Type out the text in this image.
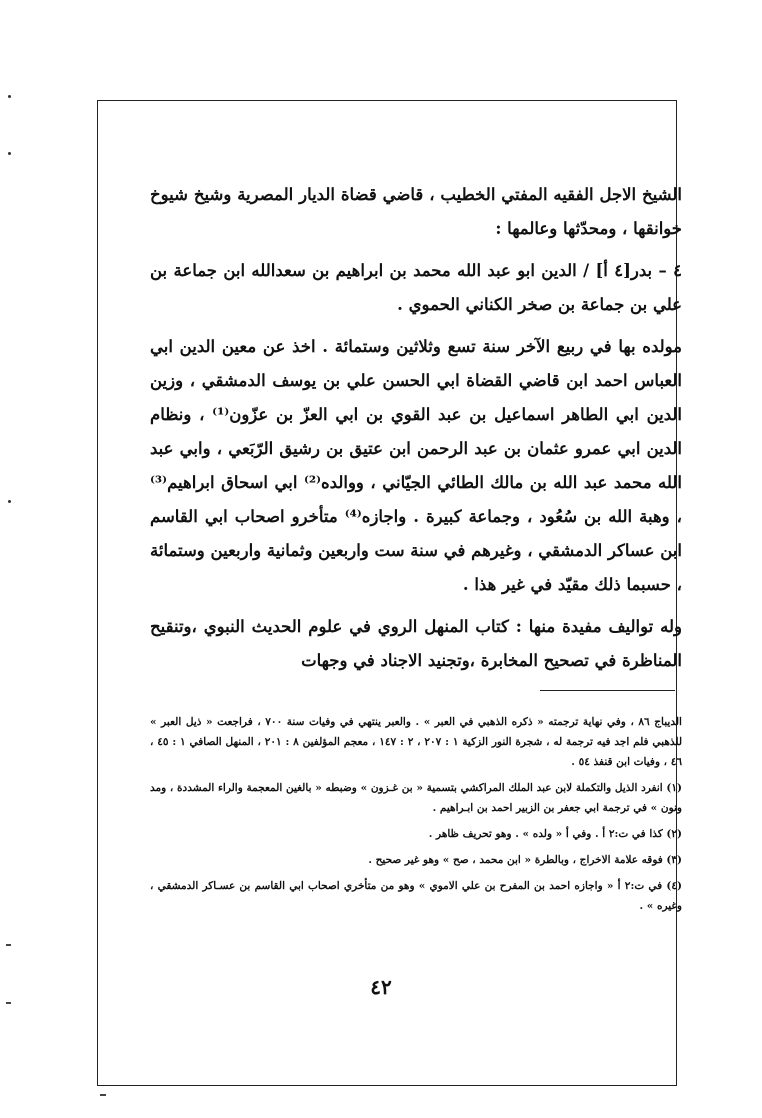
الشيخ الاجل الفقيه المفتي الخطيب ، قاضي قضاة الديار المصرية وشيخ شيوخ خوانقها ، ومحدّثها وعالمها :

٤ – بدر[٤ أ] / الدين ابو عبد الله محمد بن ابراهيم بن سعدالله ابن جماعة بن علي بن جماعة بن صخر الكناني الحموي .

مولده بها في ربيع الآخر سنة تسع وثلاثين وستمائة . اخذ عن معين الدين ابي العباس احمد ابن قاضي القضاة ابي الحسن علي بن يوسف الدمشقي ، وزين الدين ابي الطاهر اسماعيل بن عبد القوي بن ابي العزّ بن عزّون⁽¹⁾ ، ونظام الدين ابي عمرو عثمان بن عبد الرحمن ابن عتيق بن رشيق الرّبَعي ، وابي عبد الله محمد عبد الله بن مالك الطائي الجيّاني ، ووالده⁽²⁾ ابي اسحاق ابراهيم⁽³⁾ ، وهبة الله بن سُعُود ، وجماعة كبيرة . واجازه⁽⁴⁾ متأخرو اصحاب ابي القاسم ابن عساكر الدمشقي ، وغيرهم في سنة ست واربعين وثمانية واربعين وستمائة ، حسبما ذلك مقيّد في غير هذا .

وله تواليف مفيدة منها : كتاب المنهل الروي في علوم الحديث النبوي ،وتنقيح المناظرة في تصحيح المخابرة ،وتجنيد الاجناد في وجهات

الديباج ٨٦ ، وفي نهاية ترجمته « ذكره الذهبي في العبر » . والعبر ينتهي في وفيات سنة ٧٠٠ ، فراجعت « ذيل العبر » للذهبي فلم اجد فيه ترجمة له ، شجرة النور الزكية ١ : ٢٠٧ ، ٢ : ١٤٧ ، معجم المؤلفين ٨ : ٢٠١ ، المنهل الصافي ١ : ٤٥ ، ٤٦ ، وفيات ابن قنفذ ٥٤ .

(١) انفرد الذيل والتكملة لابن عبد الملك المراكشي بتسمية « بن غـزون » وضبطه « بالغين المعجمة والراء المشددة ، ومد ونون » في ترجمة ابي جعفر بن الزبير احمد بن ابـراهيم .

(٢) كذا في ت:٢ أ . وفي أ « ولده » . وهو تحريف ظاهر .

(٣) فوقه علامة الاخراج ، وبالطرة « ابن محمد ، صح » وهو غير صحيح .

(٤) في ت:٢ أ « واجازه احمد بن المفرح بن علي الاموي » وهو من متأخري اصحاب ابي القاسم بن عسـاكر الدمشقي ، وغيره » .

٤٢
